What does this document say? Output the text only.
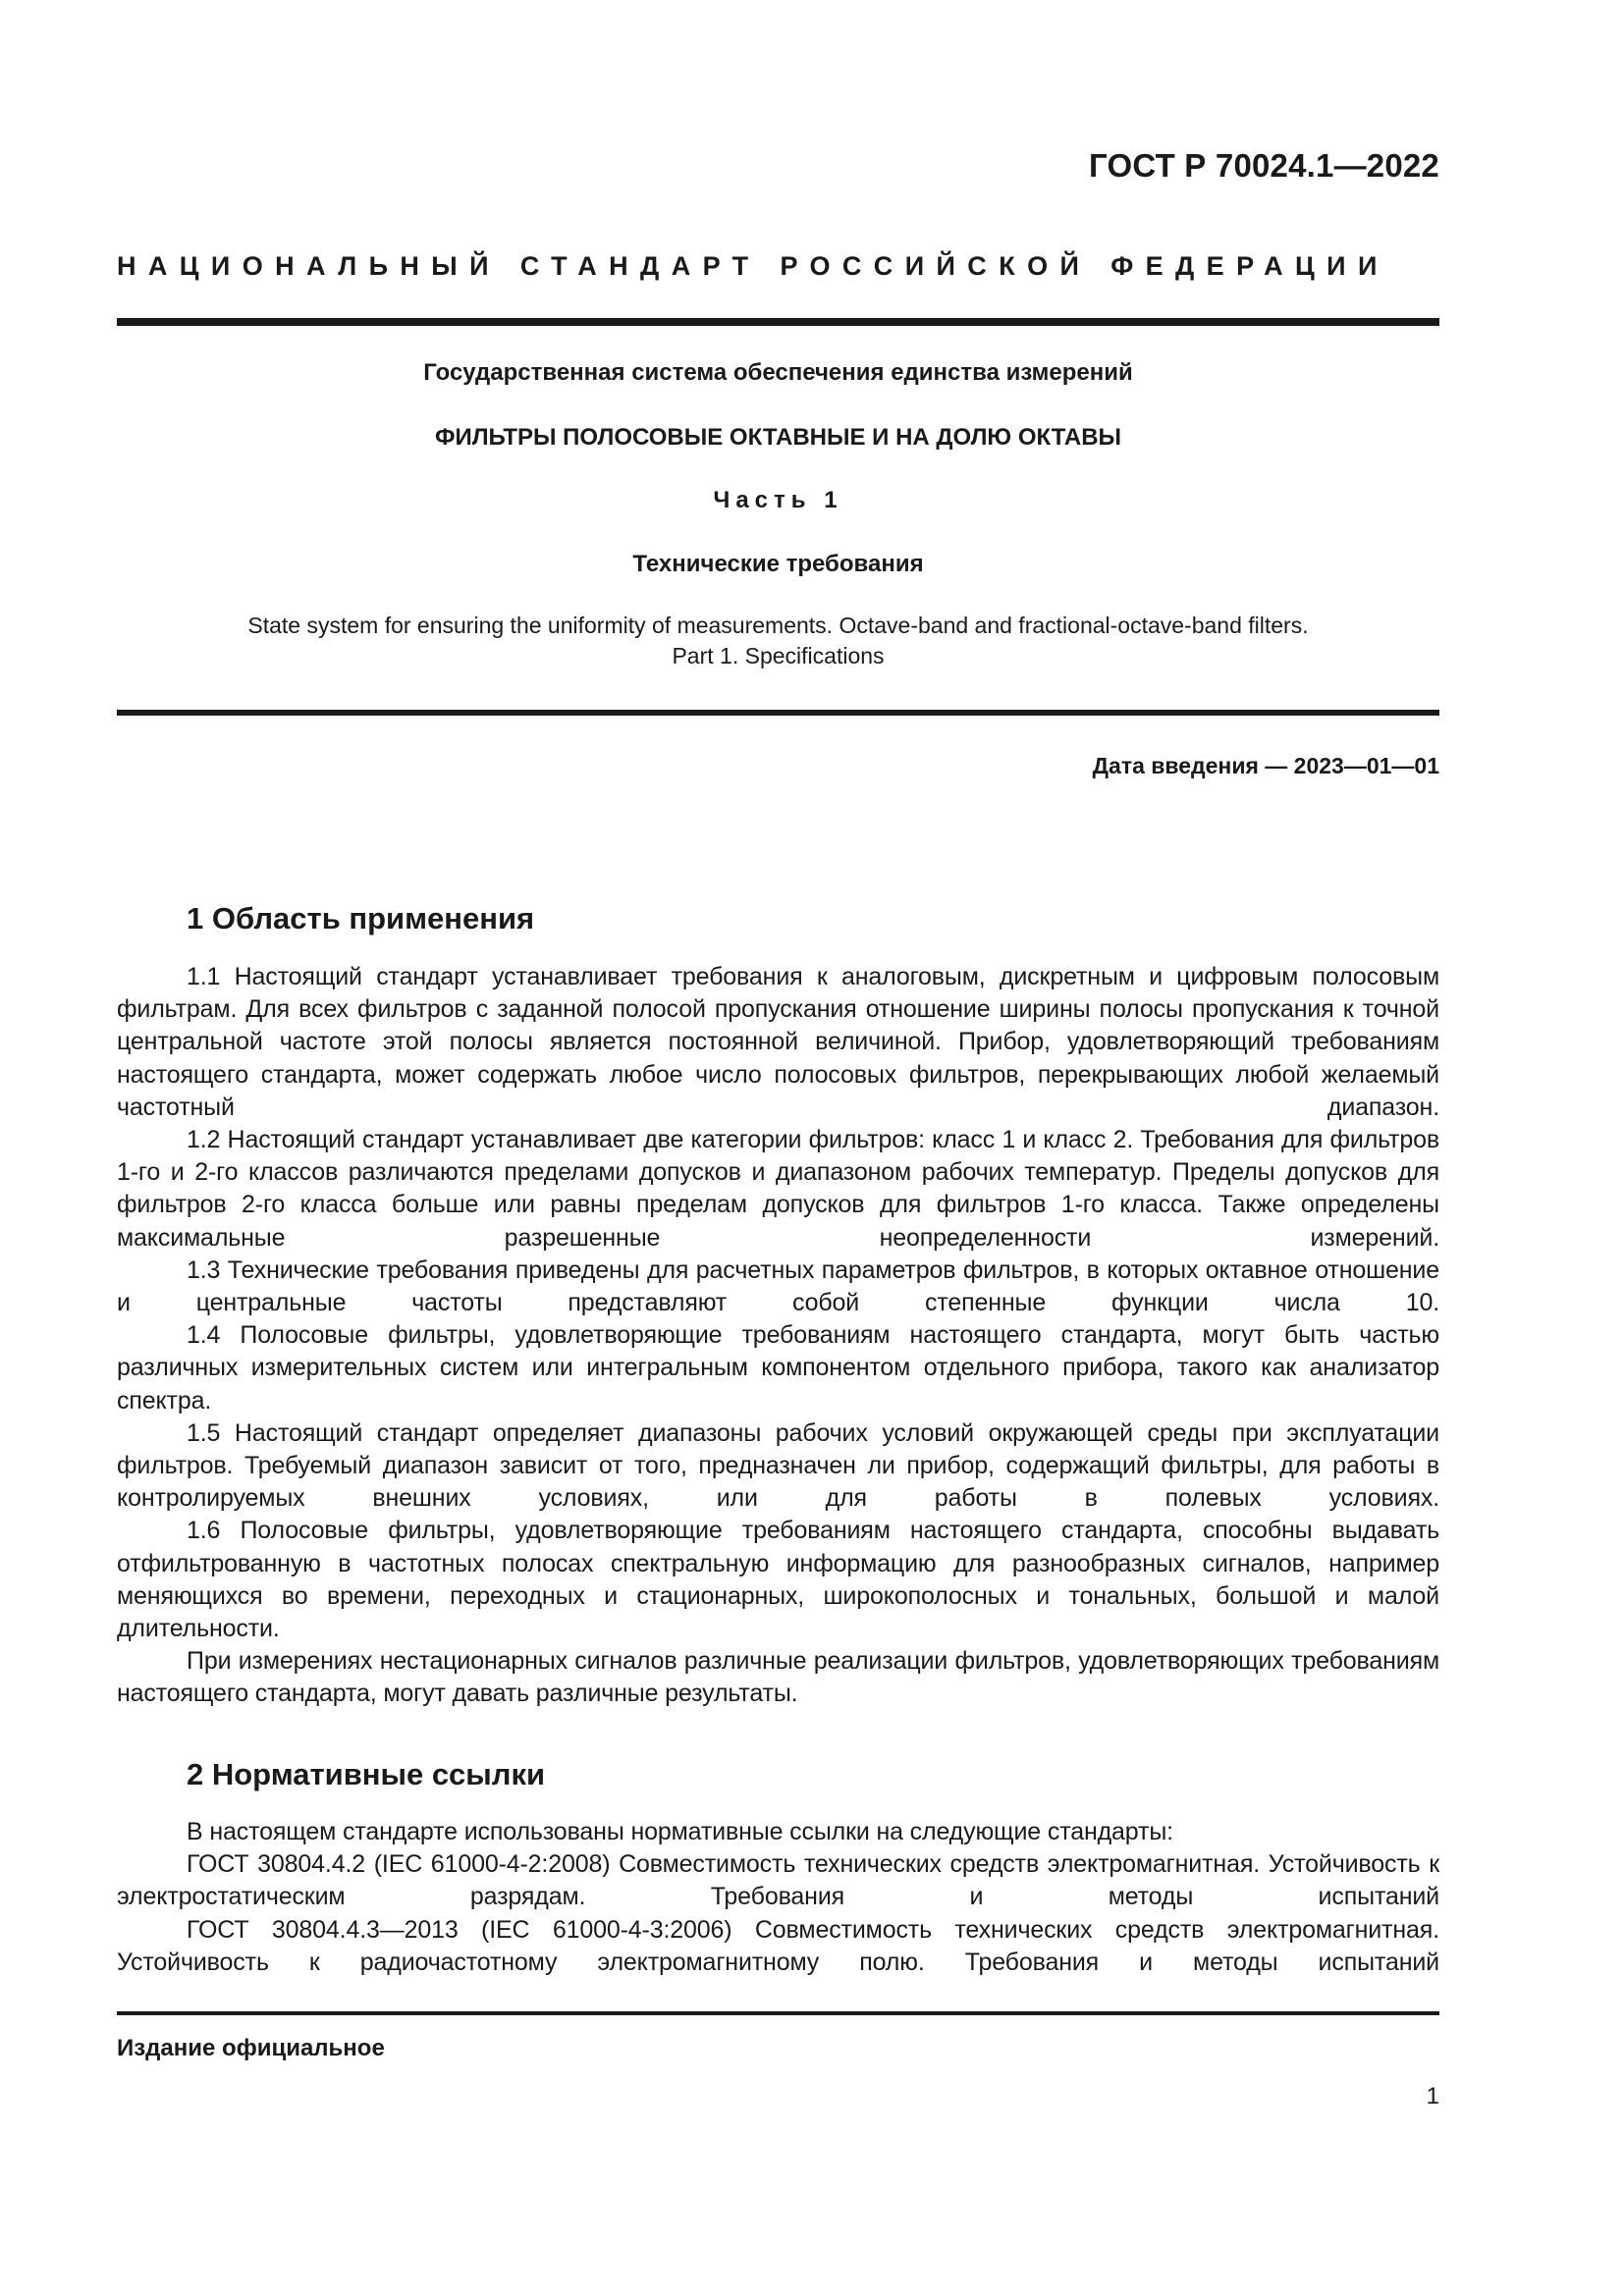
ГОСТ Р 70024.1—2022
НАЦИОНАЛЬНЫЙ СТАНДАРТ РОССИЙСКОЙ ФЕДЕРАЦИИ
Государственная система обеспечения единства измерений
ФИЛЬТРЫ ПОЛОСОВЫЕ ОКТАВНЫЕ И НА ДОЛЮ ОКТАВЫ
Часть 1
Технические требования
State system for ensuring the uniformity of measurements. Octave-band and fractional-octave-band filters.
Part 1. Specifications
Дата введения — 2023—01—01
1 Область применения

1.1 Настоящий стандарт устанавливает требования к аналоговым, дискретным и цифровым полосовым фильтрам. Для всех фильтров с заданной полосой пропускания отношение ширины полосы пропускания к точной центральной частоте этой полосы является постоянной величиной. Прибор, удовлетворяющий требованиям настоящего стандарта, может содержать любое число полосовых фильтров, перекрывающих любой желаемый частотный диапазон.

1.2 Настоящий стандарт устанавливает две категории фильтров: класс 1 и класс 2. Требования для фильтров 1-го и 2-го классов различаются пределами допусков и диапазоном рабочих температур. Пределы допусков для фильтров 2-го класса больше или равны пределам допусков для фильтров 1-го класса. Также определены максимальные разрешенные неопределенности измерений.

1.3 Технические требования приведены для расчетных параметров фильтров, в которых октавное отношение и центральные частоты представляют собой степенные функции числа 10.

1.4 Полосовые фильтры, удовлетворяющие требованиям настоящего стандарта, могут быть частью различных измерительных систем или интегральным компонентом отдельного прибора, такого как анализатор спектра.

1.5 Настоящий стандарт определяет диапазоны рабочих условий окружающей среды при эксплуатации фильтров. Требуемый диапазон зависит от того, предназначен ли прибор, содержащий фильтры, для работы в контролируемых внешних условиях, или для работы в полевых условиях.

1.6 Полосовые фильтры, удовлетворяющие требованиям настоящего стандарта, способны выдавать отфильтрованную в частотных полосах спектральную информацию для разнообразных сигналов, например меняющихся во времени, переходных и стационарных, широкополосных и тональных, большой и малой длительности.

При измерениях нестационарных сигналов различные реализации фильтров, удовлетворяющих требованиям настоящего стандарта, могут давать различные результаты.

2 Нормативные ссылки

В настоящем стандарте использованы нормативные ссылки на следующие стандарты:

ГОСТ 30804.4.2 (IEC 61000-4-2:2008) Совместимость технических средств электромагнитная. Устойчивость к электростатическим разрядам. Требования и методы испытаний

ГОСТ 30804.4.3—2013 (IEC 61000-4-3:2006) Совместимость технических средств электромагнитная. Устойчивость к радиочастотному электромагнитному полю. Требования и методы испытаний

Издание официальное
1
